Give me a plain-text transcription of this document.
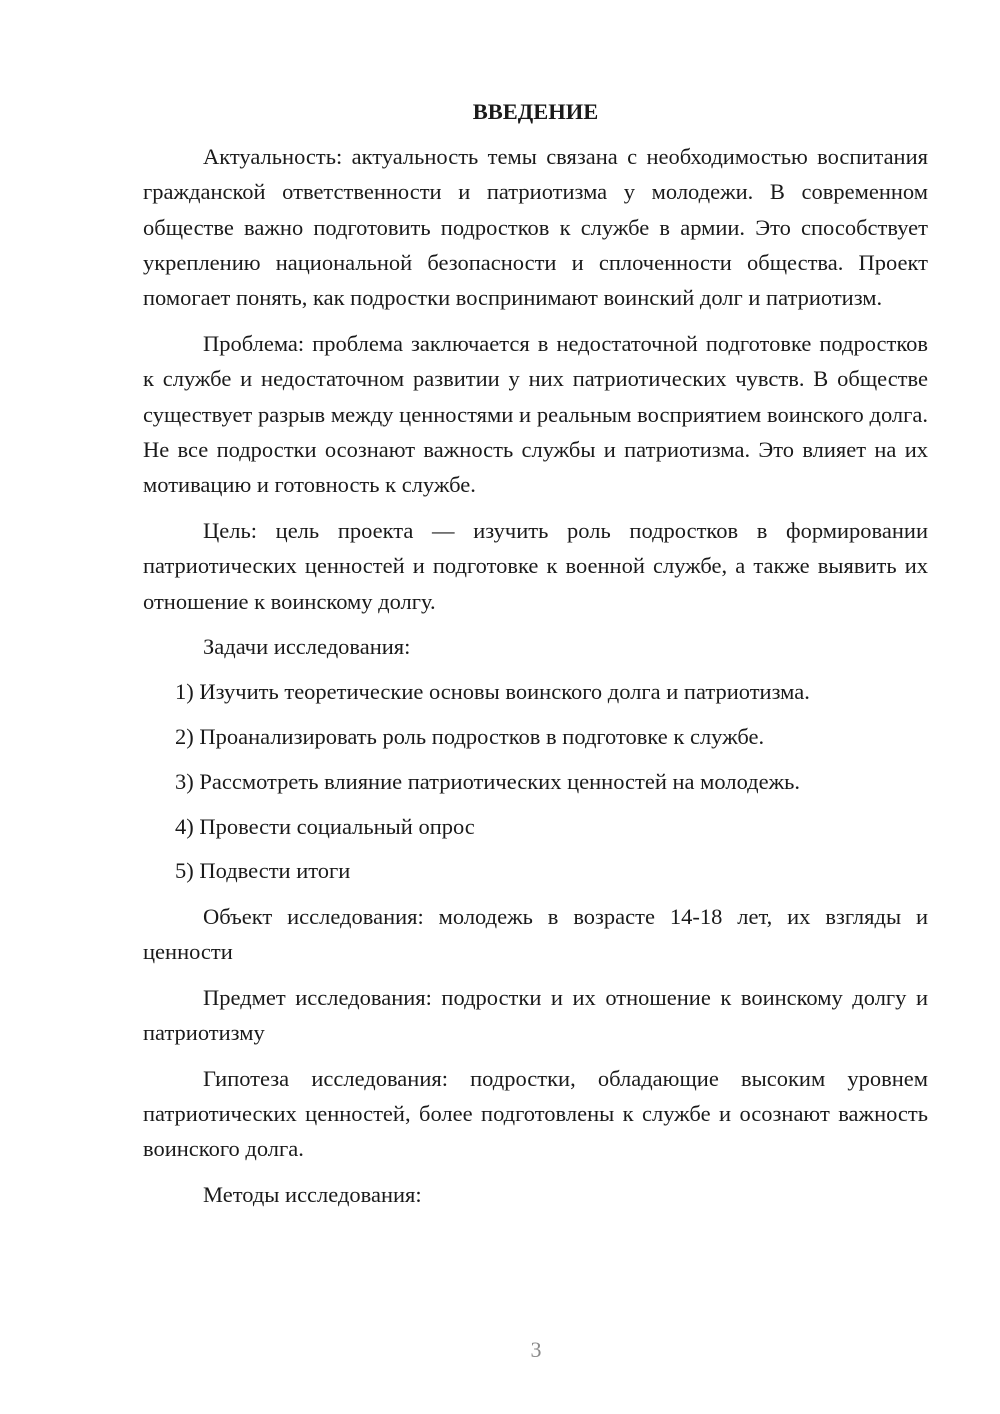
ВВЕДЕНИЕ

Актуальность: актуальность темы связана с необходимостью воспитания гражданской ответственности и патриотизма у молодежи. В современном обществе важно подготовить подростков к службе в армии. Это способствует укреплению национальной безопасности и сплоченности общества. Проект помогает понять, как подростки воспринимают воинский долг и патриотизм.

Проблема: проблема заключается в недостаточной подготовке подростков к службе и недостаточном развитии у них патриотических чувств. В обществе существует разрыв между ценностями и реальным восприятием воинского долга. Не все подростки осознают важность службы и патриотизма. Это влияет на их мотивацию и готовность к службе.

Цель: цель проекта — изучить роль подростков в формировании патриотических ценностей и подготовке к военной службе, а также выявить их отношение к воинскому долгу.

Задачи исследования:

1) Изучить теоретические основы воинского долга и патриотизма.
2) Проанализировать роль подростков в подготовке к службе.
3) Рассмотреть влияние патриотических ценностей на молодежь.
4) Провести социальный опрос
5) Подвести итоги

Объект исследования: молодежь в возрасте 14-18 лет, их взгляды и ценности

Предмет исследования: подростки и их отношение к воинскому долгу и патриотизму

Гипотеза исследования: подростки, обладающие высоким уровнем патриотических ценностей, более подготовлены к службе и осознают важность воинского долга.

Методы исследования:

3
